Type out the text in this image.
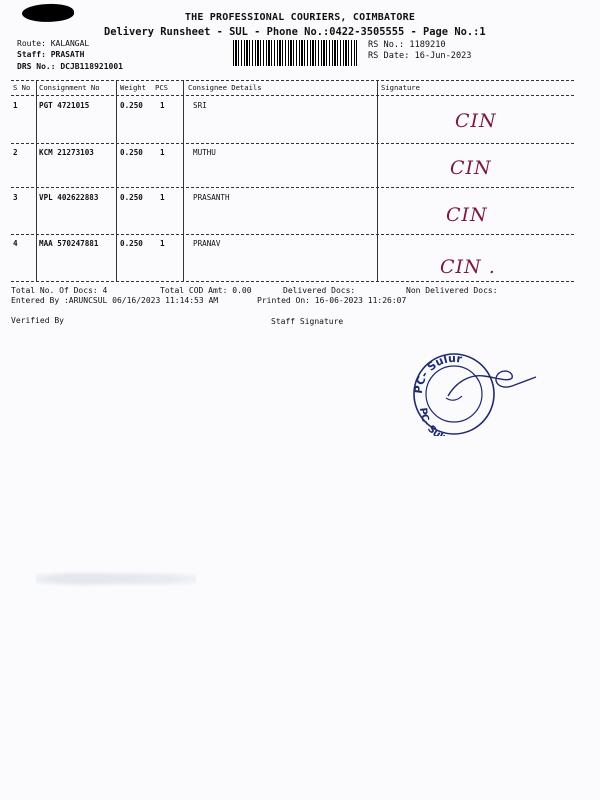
THE PROFESSIONAL COURIERS, COIMBATORE
Delivery Runsheet - SUL - Phone No.:0422-3505555 - Page No.:1
Route: KALANGAL
Staff: PRASATH
DRS No.: DCJB118921001
RS No.: 1189210
RS Date: 16-Jun-2023
S No Consignment No	Weight PCS	Consignee Details	Signature
1	PGT 4721015	0.250 1	SRI
CIN
2	KCM 21273103	0.250 1	MUTHU
CIN
3	VPL 402622883	0.250 1	PRASANTH
CIN
4	MAA 570247881	0.250 1	PRANAV
CIN .
Total No. Of Docs: 4	Total COD Amt: 0.00	Delivered Docs:	Non Delivered Docs:
Entered By :ARUNCSUL 06/16/2023 11:14:53 AM	Printed On: 16-06-2023 11:26:07
Verified By	Staff Signature
PC- Sulur
PC- Su
